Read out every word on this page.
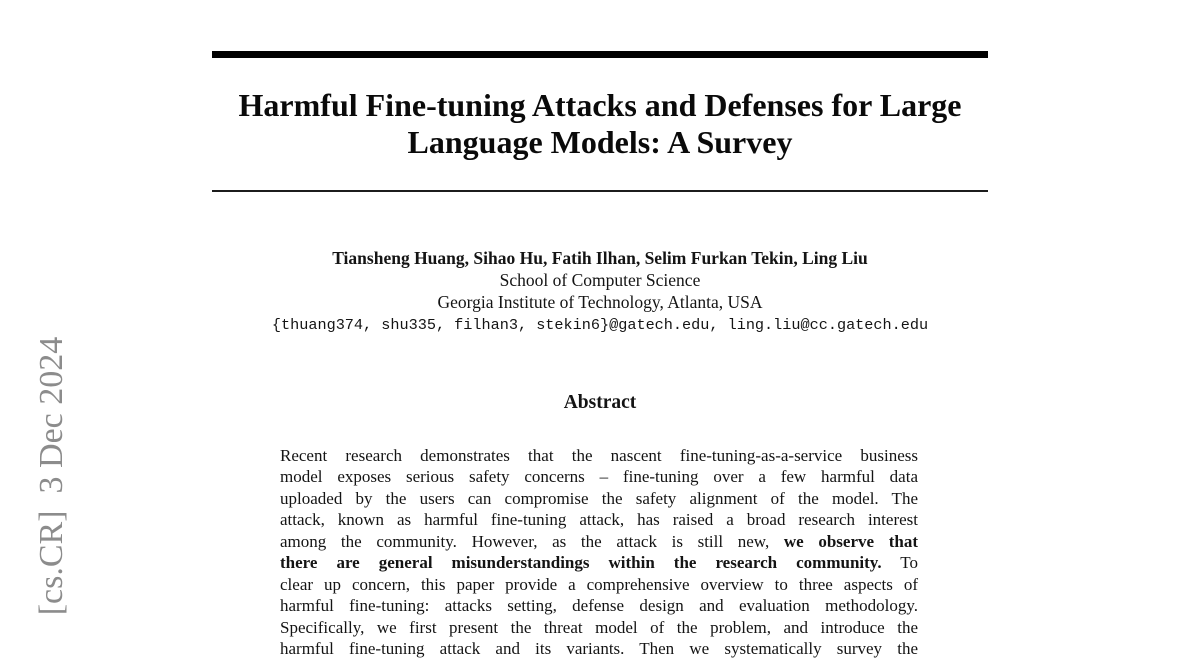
[cs.CR]  3 Dec 2024
Harmful Fine-tuning Attacks and Defenses for Large
Language Models: A Survey
Tiansheng Huang, Sihao Hu, Fatih Ilhan, Selim Furkan Tekin, Ling Liu
School of Computer Science
Georgia Institute of Technology, Atlanta, USA
{thuang374, shu335, filhan3, stekin6}@gatech.edu, ling.liu@cc.gatech.edu
Abstract
Recent research demonstrates that the nascent fine-tuning-as-a-service business
model exposes serious safety concerns – fine-tuning over a few harmful data
uploaded by the users can compromise the safety alignment of the model. The
attack, known as harmful fine-tuning attack, has raised a broad research interest
among the community. However, as the attack is still new, we observe that
there are general misunderstandings within the research community. To
clear up concern, this paper provide a comprehensive overview to three aspects of
harmful fine-tuning: attacks setting, defense design and evaluation methodology.
Specifically, we first present the threat model of the problem, and introduce the
harmful fine-tuning attack and its variants. Then we systematically survey the
